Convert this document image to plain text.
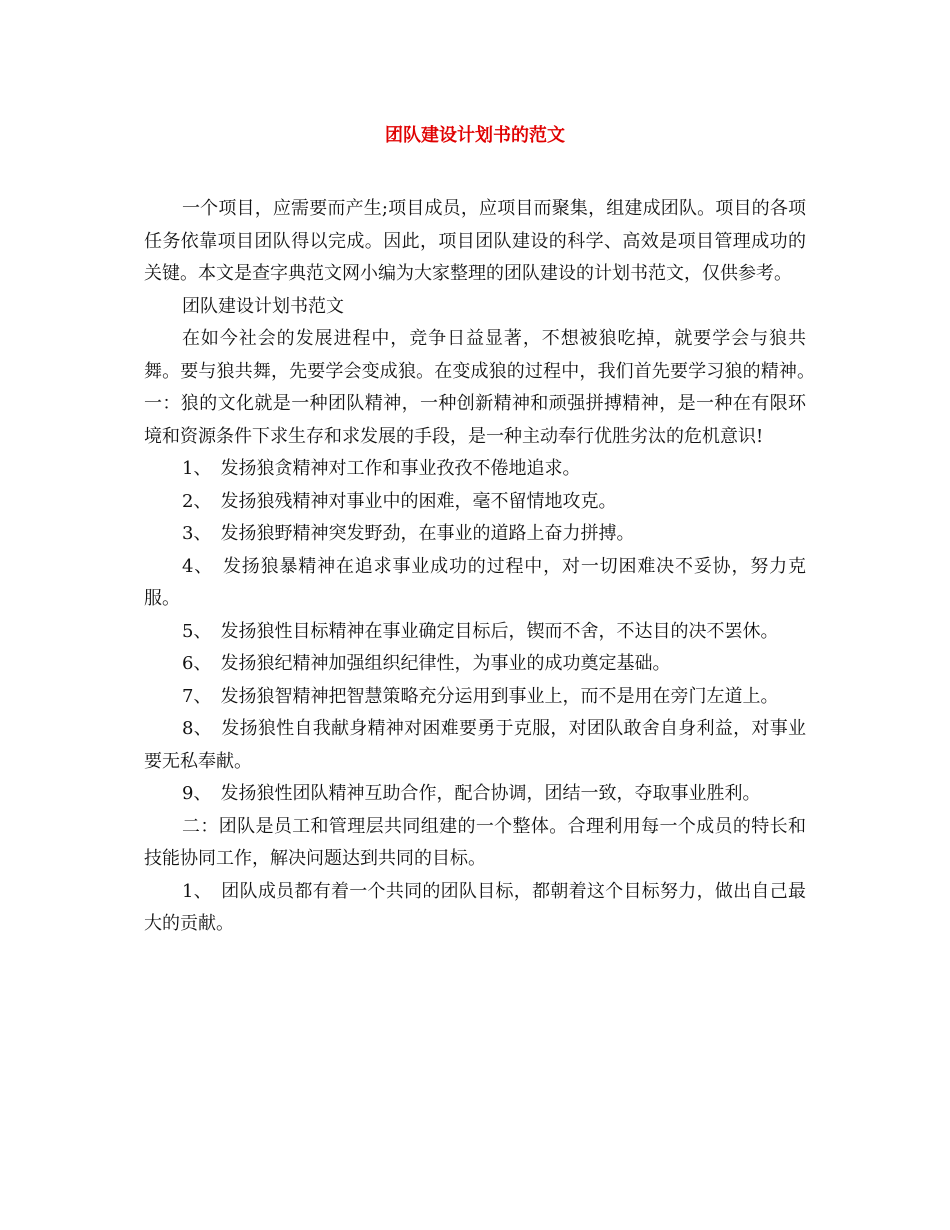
团队建设计划书的范文

一个项目，应需要而产生;项目成员，应项目而聚集，组建成团队。项目的各项任务依靠项目团队得以完成。因此，项目团队建设的科学、高效是项目管理成功的关键。本文是查字典范文网小编为大家整理的团队建设的计划书范文，仅供参考。

团队建设计划书范文

在如今社会的发展进程中，竞争日益显著，不想被狼吃掉，就要学会与狼共舞。要与狼共舞，先要学会变成狼。在变成狼的过程中，我们首先要学习狼的精神。　一：狼的文化就是一种团队精神，一种创新精神和顽强拼搏精神，是一种在有限环境和资源条件下求生存和求发展的手段，是一种主动奉行优胜劣汰的危机意识!

1、　发扬狼贪精神对工作和事业孜孜不倦地追求。

2、　发扬狼残精神对事业中的困难，毫不留情地攻克。

3、　发扬狼野精神突发野劲，在事业的道路上奋力拼搏。

4、　发扬狼暴精神在追求事业成功的过程中，对一切困难决不妥协，努力克服。

5、　发扬狼性目标精神在事业确定目标后，锲而不舍，不达目的决不罢休。

6、　发扬狼纪精神加强组织纪律性，为事业的成功奠定基础。

7、　发扬狼智精神把智慧策略充分运用到事业上，而不是用在旁门左道上。

8、　发扬狼性自我献身精神对困难要勇于克服，对团队敢舍自身利益，对事业要无私奉献。

9、　发扬狼性团队精神互助合作，配合协调，团结一致，夺取事业胜利。

二：团队是员工和管理层共同组建的一个整体。合理利用每一个成员的特长和技能协同工作，解决问题达到共同的目标。

1、　团队成员都有着一个共同的团队目标，都朝着这个目标努力，做出自己最大的贡献。
